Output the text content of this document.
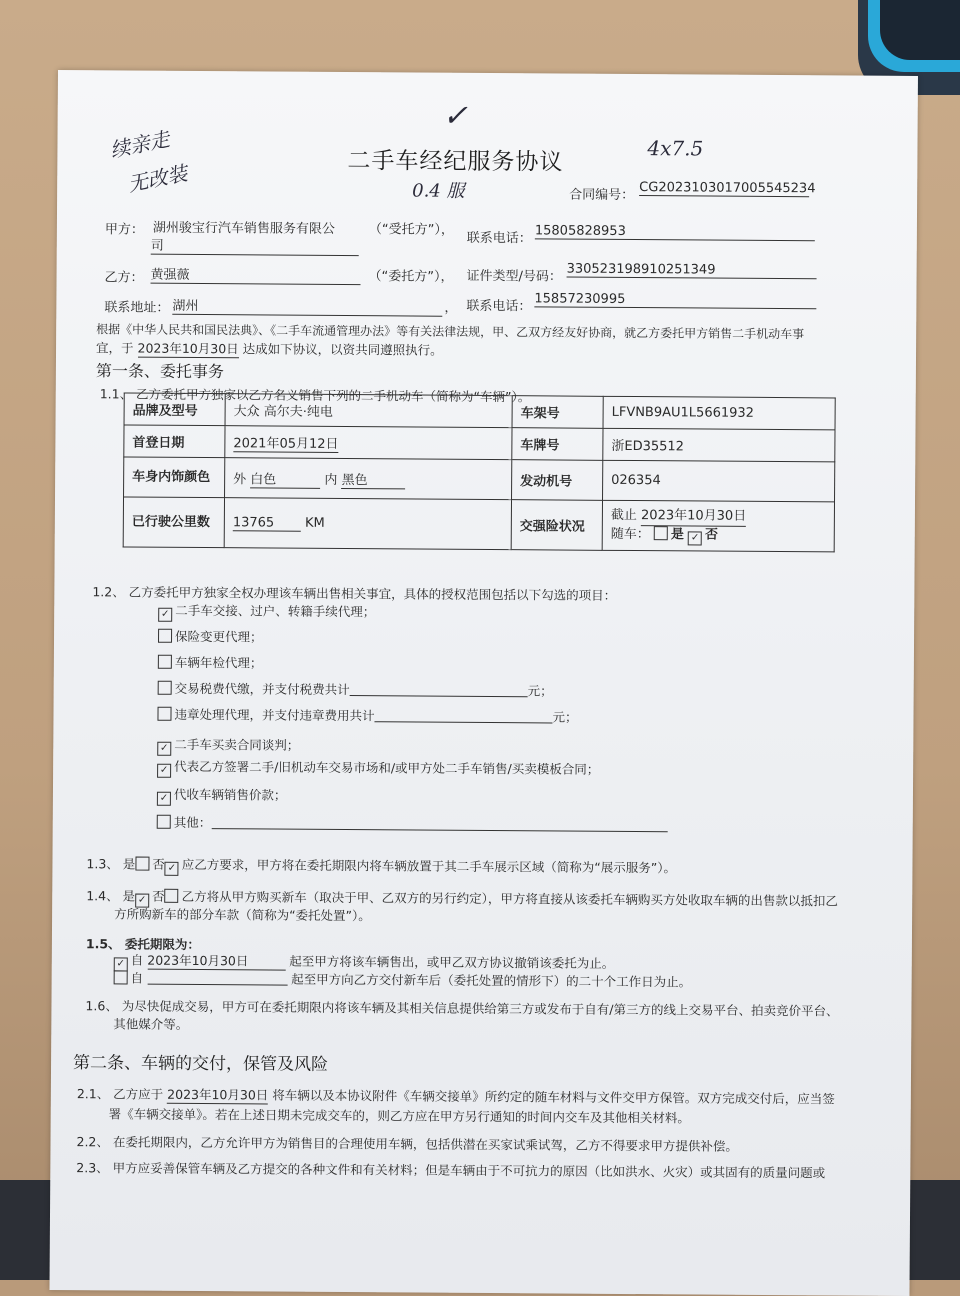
续亲走
无改装
✓
0.4 服
4x7.5
二手车经纪服务协议
合同编号： CG2023103017005545234
甲方： 湖州骏宝行汽车销售服务有限公
司
（“受托方”），
联系电话： 15805828953
乙方： 黄强薇	（“委托方”）， 证件类型/号码： 330523198910251349
联系地址： 湖州	， 联系电话： 15857230995
根据《中华人民共和国民法典》、《二手车流通管理办法》等有关法律法规，甲、乙双方经友好协商，就乙方委托甲方销售二手机动车事
宜，于 2023年10月30日 达成如下协议，以资共同遵照执行。
第一条、委托事务
1.1、 乙方委托甲方独家以乙方名义销售下列的二手机动车（简称为“车辆”）。
品牌及型号	大众 高尔夫·纯电	车架号	LFVNB9AU1L5661932
首登日期	2021年05月12日	车牌号	浙ED35512
车身内饰颜色	外 白色 内 黑色	发动机号	026354
已行驶公里数	13765 KM	交强险状况	截止 2023年10月30日
随车： 是 ✓ 否
1.2、 乙方委托甲方独家全权办理该车辆出售相关事宜，具体的授权范围包括以下勾选的项目：
✓ 二手车交接、过户、转籍手续代理；
保险变更代理；
车辆年检代理；
交易税费代缴，并支付税费共计	元；
违章处理代理，并支付违章费用共计	元；
✓ 二手车买卖合同谈判；
✓ 代表乙方签署二手/旧机动车交易市场和/或甲方处二手车销售/买卖模板合同；
✓ 代收车辆销售价款；
其他：
1.3、 是 否 ✓ 应乙方要求，甲方将在委托期限内将车辆放置于其二手车展示区域（简称为“展示服务”）。
1.4、 是 ✓ 否 乙方将从甲方购买新车（取决于甲、乙双方的另行约定），甲方将直接从该委托车辆购买方处收取车辆的出售款以抵扣乙
方所购新车的部分车款（简称为“委托处置”）。
1.5、 委托期限为：
✓ 自 2023年10月30日	起至甲方将该车辆售出，或甲乙双方协议撤销该委托为止。
自	起至甲方向乙方交付新车后（委托处置的情形下）的二十个工作日为止。
1.6、 为尽快促成交易，甲方可在委托期限内将该车辆及其相关信息提供给第三方或发布于自有/第三方的线上交易平台、拍卖竞价平台、
其他媒介等。
第二条、车辆的交付，保管及风险
2.1、 乙方应于 2023年10月30日 将车辆以及本协议附件《车辆交接单》所约定的随车材料与文件交甲方保管。双方完成交付后，应当签
署《车辆交接单》。若在上述日期未完成交车的，则乙方应在甲方另行通知的时间内交车及其他相关材料。
2.2、 在委托期限内，乙方允许甲方为销售目的合理使用车辆，包括供潜在买家试乘试驾，乙方不得要求甲方提供补偿。
2.3、 甲方应妥善保管车辆及乙方提交的各种文件和有关材料；但是车辆由于不可抗力的原因（比如洪水、火灾）或其固有的质量问题或
